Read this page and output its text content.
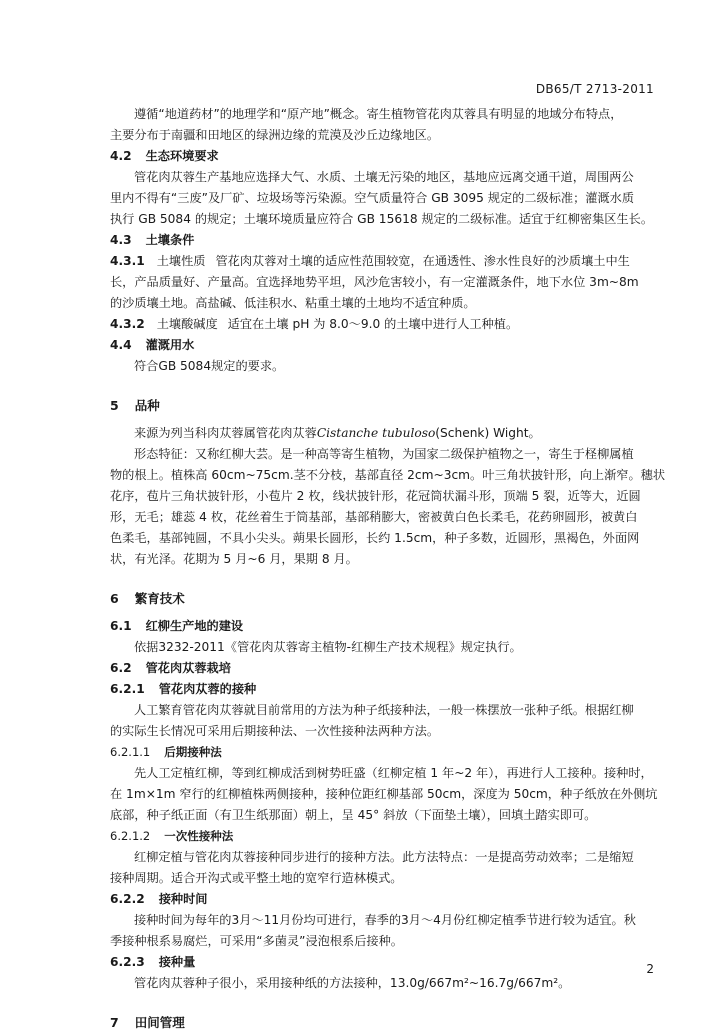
DB65/T 2713-2011

遵循“地道药材”的地理学和“原产地”概念。寄生植物管花肉苁蓉具有明显的地域分布特点，

主要分布于南疆和田地区的绿洲边缘的荒漠及沙丘边缘地区。

4.2 生态环境要求

管花肉苁蓉生产基地应选择大气、水质、土壤无污染的地区，基地应远离交通干道，周围两公

里内不得有“三废”及厂矿、垃圾场等污染源。空气质量符合 GB 3095 规定的二级标准；灌溉水质

执行 GB 5084 的规定；土壤环境质量应符合 GB 15618 规定的二级标准。适宜于红柳密集区生长。

4.3 土壤条件

4.3.1 土壤性质 管花肉苁蓉对土壤的适应性范围较宽，在通透性、渗水性良好的沙质壤土中生

长，产品质量好、产量高。宜选择地势平坦，风沙危害较小，有一定灌溉条件，地下水位 3m~8m

的沙质壤土地。高盐碱、低洼积水、粘重土壤的土地均不适宜种质。

4.3.2 土壤酸碱度 适宜在土壤 pH 为 8.0～9.0 的土壤中进行人工种植。

4.4 灌溉用水

符合GB 5084规定的要求。

5 品种

来源为列当科肉苁蓉属管花肉苁蓉Cistanche tubuloso(Schenk) Wight。

形态特征：又称红柳大芸。是一种高等寄生植物，为国家二级保护植物之一，寄生于柽柳属植

物的根上。植株高 60cm~75cm.茎不分枝，基部直径 2cm~3cm。叶三角状披针形，向上渐窄。穗状

花序，苞片三角状披针形，小苞片 2 枚，线状披针形，花冠筒状漏斗形，顶端 5 裂，近等大，近圆

形，无毛；雄蕊 4 枚，花丝着生于筒基部，基部稍膨大，密被黄白色长柔毛，花药卵圆形，被黄白

色柔毛，基部钝圆，不具小尖头。蒴果长圆形，长约 1.5cm，种子多数，近圆形，黑褐色，外面网

状，有光泽。花期为 5 月~6 月，果期 8 月。

6 繁育技术

6.1 红柳生产地的建设

依据3232-2011《管花肉苁蓉寄主植物-红柳生产技术规程》规定执行。

6.2 管花肉苁蓉栽培

6.2.1 管花肉苁蓉的接种

人工繁育管花肉苁蓉就目前常用的方法为种子纸接种法，一般一株摆放一张种子纸。根据红柳

的实际生长情况可采用后期接种法、一次性接种法两种方法。

6.2.1.1 后期接种法

先人工定植红柳，等到红柳成活到树势旺盛（红柳定植 1 年~2 年），再进行人工接种。接种时，

在 1m×1m 窄行的红柳植株两侧接种，接种位距红柳基部 50cm，深度为 50cm，种子纸放在外侧坑

底部，种子纸正面（有卫生纸那面）朝上，呈 45° 斜放（下面垫土壤），回填土踏实即可。

6.2.1.2 一次性接种法

红柳定植与管花肉苁蓉接种同步进行的接种方法。此方法特点：一是提高劳动效率；二是缩短

接种周期。适合开沟式或平整土地的宽窄行造林模式。

6.2.2 接种时间

接种时间为每年的3月～11月份均可进行，春季的3月～4月份红柳定植季节进行较为适宜。秋

季接种根系易腐烂，可采用“多菌灵”浸泡根系后接种。

6.2.3 接种量

管花肉苁蓉种子很小，采用接种纸的方法接种，13.0g/667m²~16.7g/667m²。

7 田间管理

2
